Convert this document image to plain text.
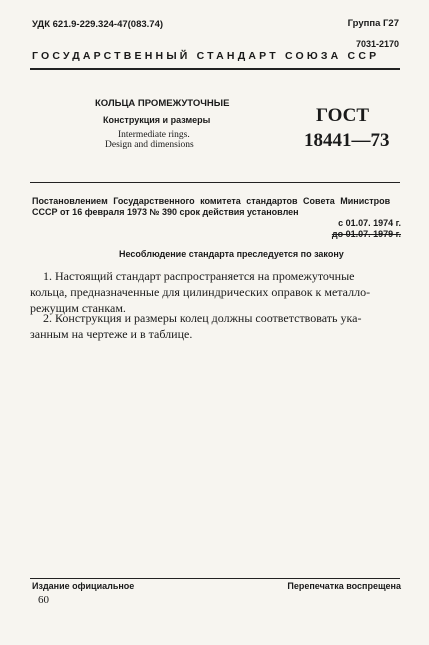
УДК 621.9-229.324-47(083.74)	Группа Г27
7031-2170
ГОСУДАРСТВЕННЫЙ СТАНДАРТ СОЮЗА ССР
КОЛЬЦА ПРОМЕЖУТОЧНЫЕ
Конструкция и размеры
Intermediate rings.
Design and dimensions
ГОСТ
18441—73
Постановлением Государственного комитета стандартов Совета Министров
СССР от 16 февраля 1973 № 390 срок действия установлен
с 01.07. 1974 г.
до 01.07. 1979 г.
Несоблюдение стандарта преследуется по закону

1. Настоящий стандарт распространяется на промежуточные

кольца, предназначенные для цилиндрических оправок к металло-

режущим станкам.

2. Конструкция и размеры колец должны соответствовать ука-

занным на чертеже и в таблице.

Издание официальное	Перепечатка воспрещена
60
